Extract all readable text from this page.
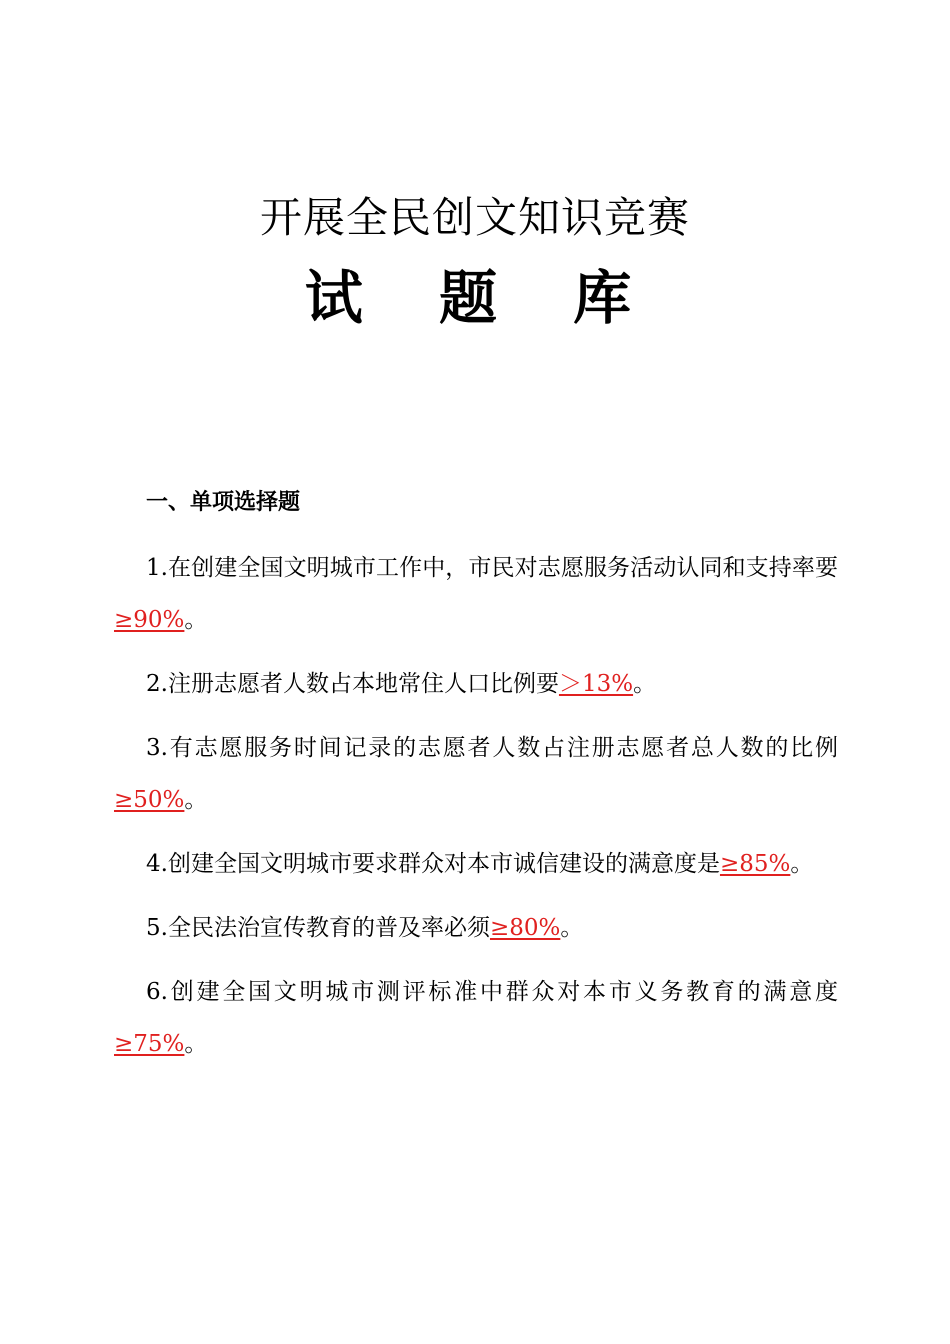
开展全民创文知识竞赛
试 题 库
一、单项选择题

1.在创建全国文明城市工作中，市民对志愿服务活动认同和支持率要≥90%。

2.注册志愿者人数占本地常住人口比例要＞13%。

3.有志愿服务时间记录的志愿者人数占注册志愿者总人数的比例≥50%。

4.创建全国文明城市要求群众对本市诚信建设的满意度是≥85%。

5.全民法治宣传教育的普及率必须≥80%。

6.创建全国文明城市测评标准中群众对本市义务教育的满意度≥75%。
